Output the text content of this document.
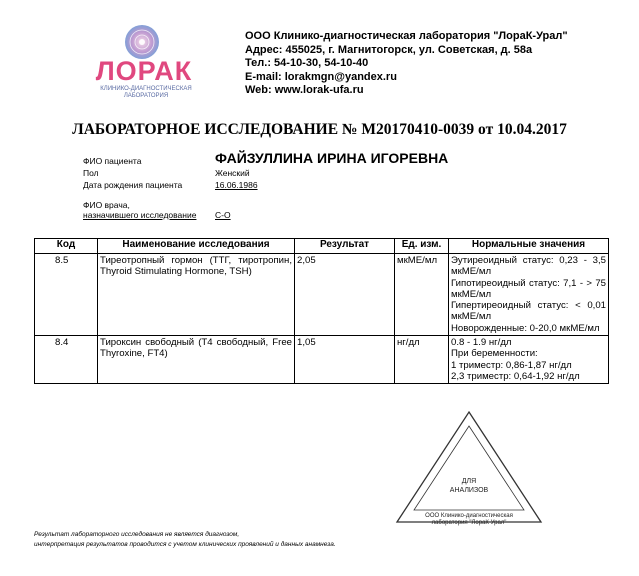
ЛОРАК
КЛИНИКО-ДИАГНОСТИЧЕСКАЯ ЛАБОРАТОРИЯ
ООО Клинико-диагностическая лаборатория "ЛораК-Урал"
Адрес: 455025, г. Магнитогорск, ул. Советская, д. 58а
Тел.: 54-10-30, 54-10-40
E-mail: lorakmgn@yandex.ru
Web: www.lorak-ufa.ru
ЛАБОРАТОРНОЕ ИССЛЕДОВАНИЕ № M20170410-0039 от 10.04.2017
ФИО пациента	ФАЙЗУЛЛИНА ИРИНА ИГОРЕВНА
Пол	Женский
Дата рождения пациента	16.06.1986
ФИО врача,
назначившего исследование С-О
Код	Наименование исследования	Результат	Ед. изм.	Нормальные значения
8.5	Тиреотропный гормон (ТТГ, тиротропин, Thyroid Stimulating Hormone, TSH)	2,05	мкМЕ/мл	Эутиреоидный статус: 0,23 - 3,5 мкМЕ/мл
Гипотиреоидный статус: 7,1 - > 75 мкМЕ/мл
Гипертиреоидный статус: < 0,01 мкМЕ/мл
Новорожденные: 0-20,0 мкМЕ/мл

8.4	Тироксин свободный (Т4 свободный, Free Thyroxine, FT4)	1,05	нг/дл	0.8 - 1.9 нг/дл
При беременности:
1 триместр: 0,86-1,87 нг/дл
2,3 триместр: 0,64-1,92 нг/дл
ДЛЯ
АНАЛИЗОВ
ООО Клинико-диагностическая
лаборатория "ЛораК Урал"
Результат лабораторного исследования не является диагнозом,
интерпретация результатов проводится с учетом клинических проявлений и данных анамнеза.
